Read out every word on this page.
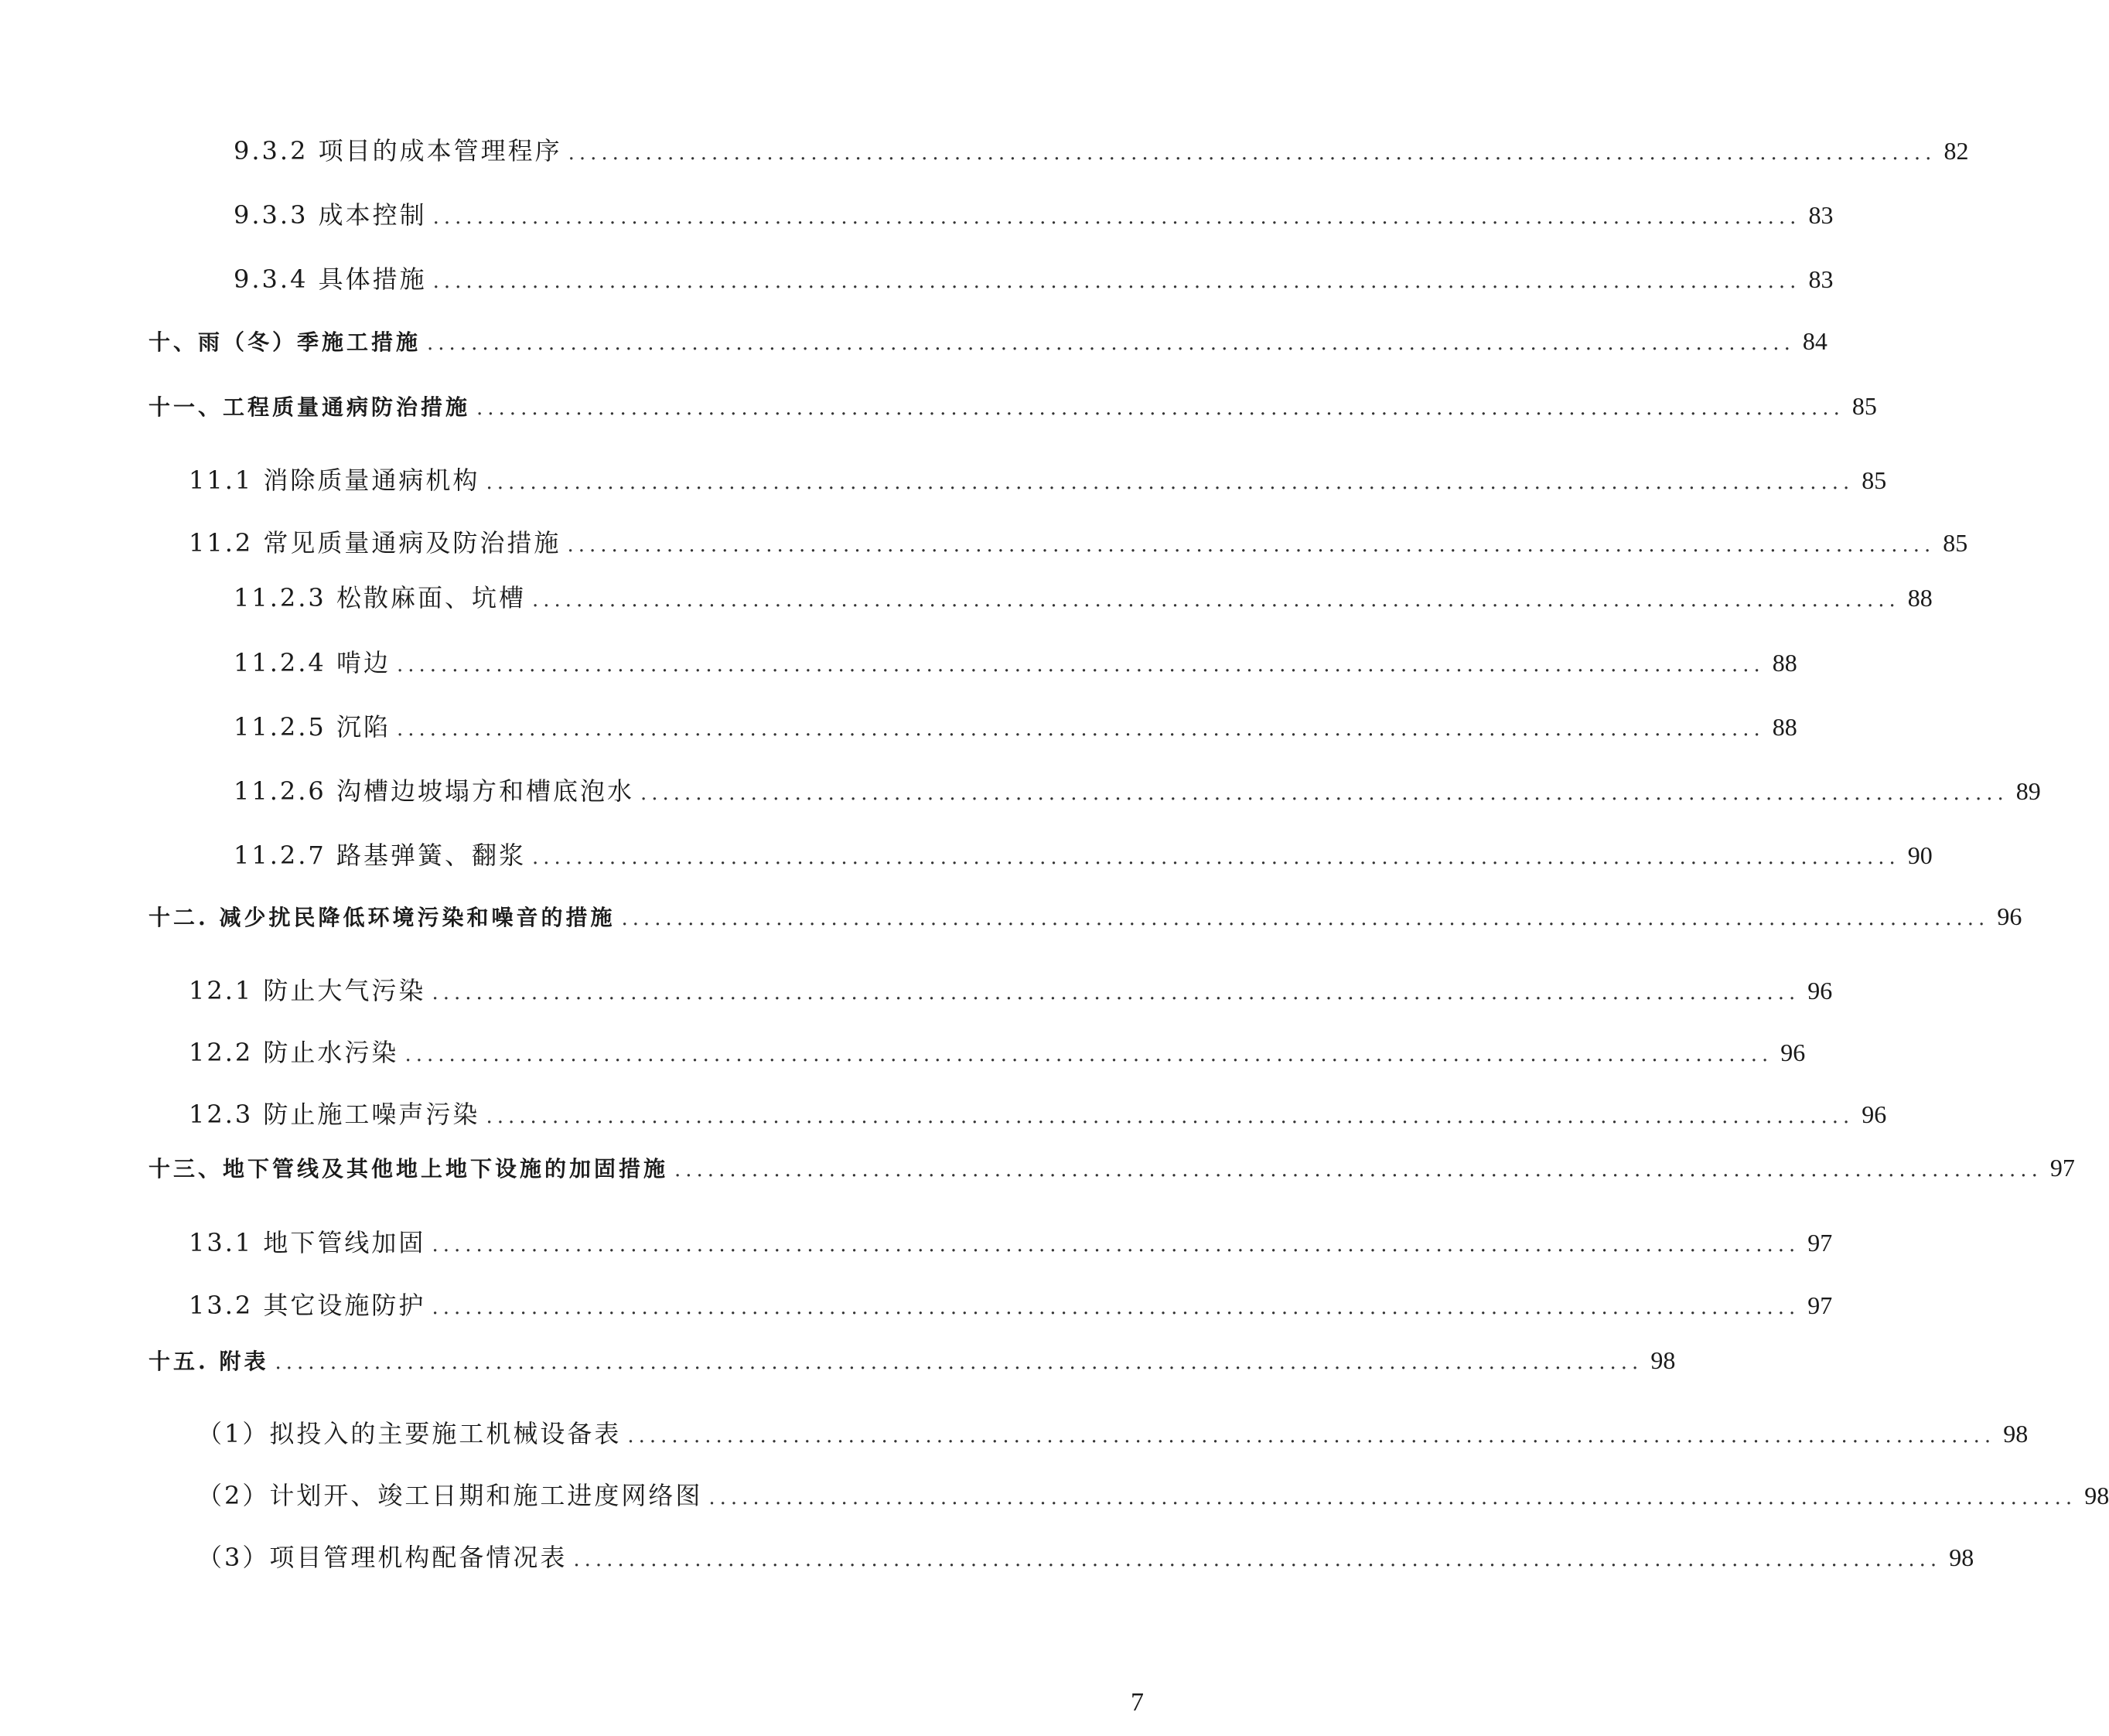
9.3.2 项目的成本管理程序 ............................................................................................................................ 82
9.3.3 成本控制 ............................................................................................................................ 83
9.3.4 具体措施 ............................................................................................................................ 83
十、雨（冬）季施工措施 ............................................................................................................................ 84
十一、工程质量通病防治措施 ............................................................................................................................ 85
11.1 消除质量通病机构 ............................................................................................................................ 85
11.2 常见质量通病及防治措施 ............................................................................................................................ 85
11.2.3 松散麻面、坑槽 ............................................................................................................................ 88
11.2.4 啃边 ............................................................................................................................ 88
11.2.5 沉陷 ............................................................................................................................ 88
11.2.6 沟槽边坡塌方和槽底泡水 ............................................................................................................................ 89
11.2.7 路基弹簧、翻浆 ............................................................................................................................ 90
十二. 减少扰民降低环境污染和噪音的措施 ............................................................................................................................ 96
12.1 防止大气污染 ............................................................................................................................ 96
12.2 防止水污染 ............................................................................................................................ 96
12.3 防止施工噪声污染 ............................................................................................................................ 96
十三、地下管线及其他地上地下设施的加固措施 ............................................................................................................................ 97
13.1 地下管线加固 ............................................................................................................................ 97
13.2 其它设施防护 ............................................................................................................................ 97
十五. 附表 ............................................................................................................................ 98
（1）拟投入的主要施工机械设备表 ............................................................................................................................ 98
（2）计划开、竣工日期和施工进度网络图 ............................................................................................................................ 98
（3）项目管理机构配备情况表 ............................................................................................................................ 98
7
